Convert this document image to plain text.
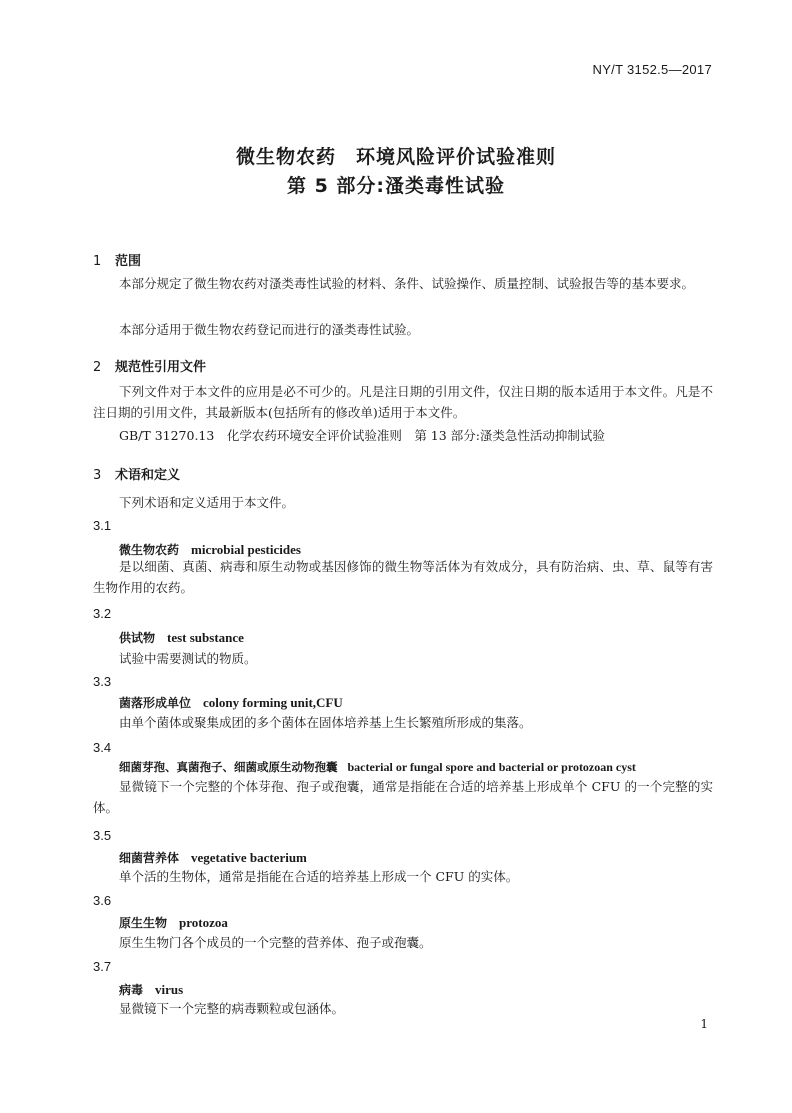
NY/T 3152.5—2017
微生物农药　环境风险评价试验准则
第 5 部分:溞类毒性试验
1 范围
本部分规定了微生物农药对溞类毒性试验的材料、条件、试验操作、质量控制、试验报告等的基本要求。
本部分适用于微生物农药登记而进行的溞类毒性试验。
2 规范性引用文件
下列文件对于本文件的应用是必不可少的。凡是注日期的引用文件，仅注日期的版本适用于本文件。凡是不注日期的引用文件，其最新版本(包括所有的修改单)适用于本文件。
GB/T 31270.13　化学农药环境安全评价试验准则　第 13 部分:溞类急性活动抑制试验
3 术语和定义
下列术语和定义适用于本文件。
3.1
微生物农药 microbial pesticides
是以细菌、真菌、病毒和原生动物或基因修饰的微生物等活体为有效成分，具有防治病、虫、草、鼠等有害生物作用的农药。
3.2
供试物 test substance
试验中需要测试的物质。
3.3
菌落形成单位 colony forming unit,CFU
由单个菌体或聚集成团的多个菌体在固体培养基上生长繁殖所形成的集落。
3.4
细菌芽孢、真菌孢子、细菌或原生动物孢囊 bacterial or fungal spore and bacterial or protozoan cyst
显微镜下一个完整的个体芽孢、孢子或孢囊，通常是指能在合适的培养基上形成单个 CFU 的一个完整的实体。
3.5
细菌营养体 vegetative bacterium
单个活的生物体，通常是指能在合适的培养基上形成一个 CFU 的实体。
3.6
原生生物 protozoa
原生生物门各个成员的一个完整的营养体、孢子或孢囊。
3.7
病毒 virus
显微镜下一个完整的病毒颗粒或包涵体。
1
